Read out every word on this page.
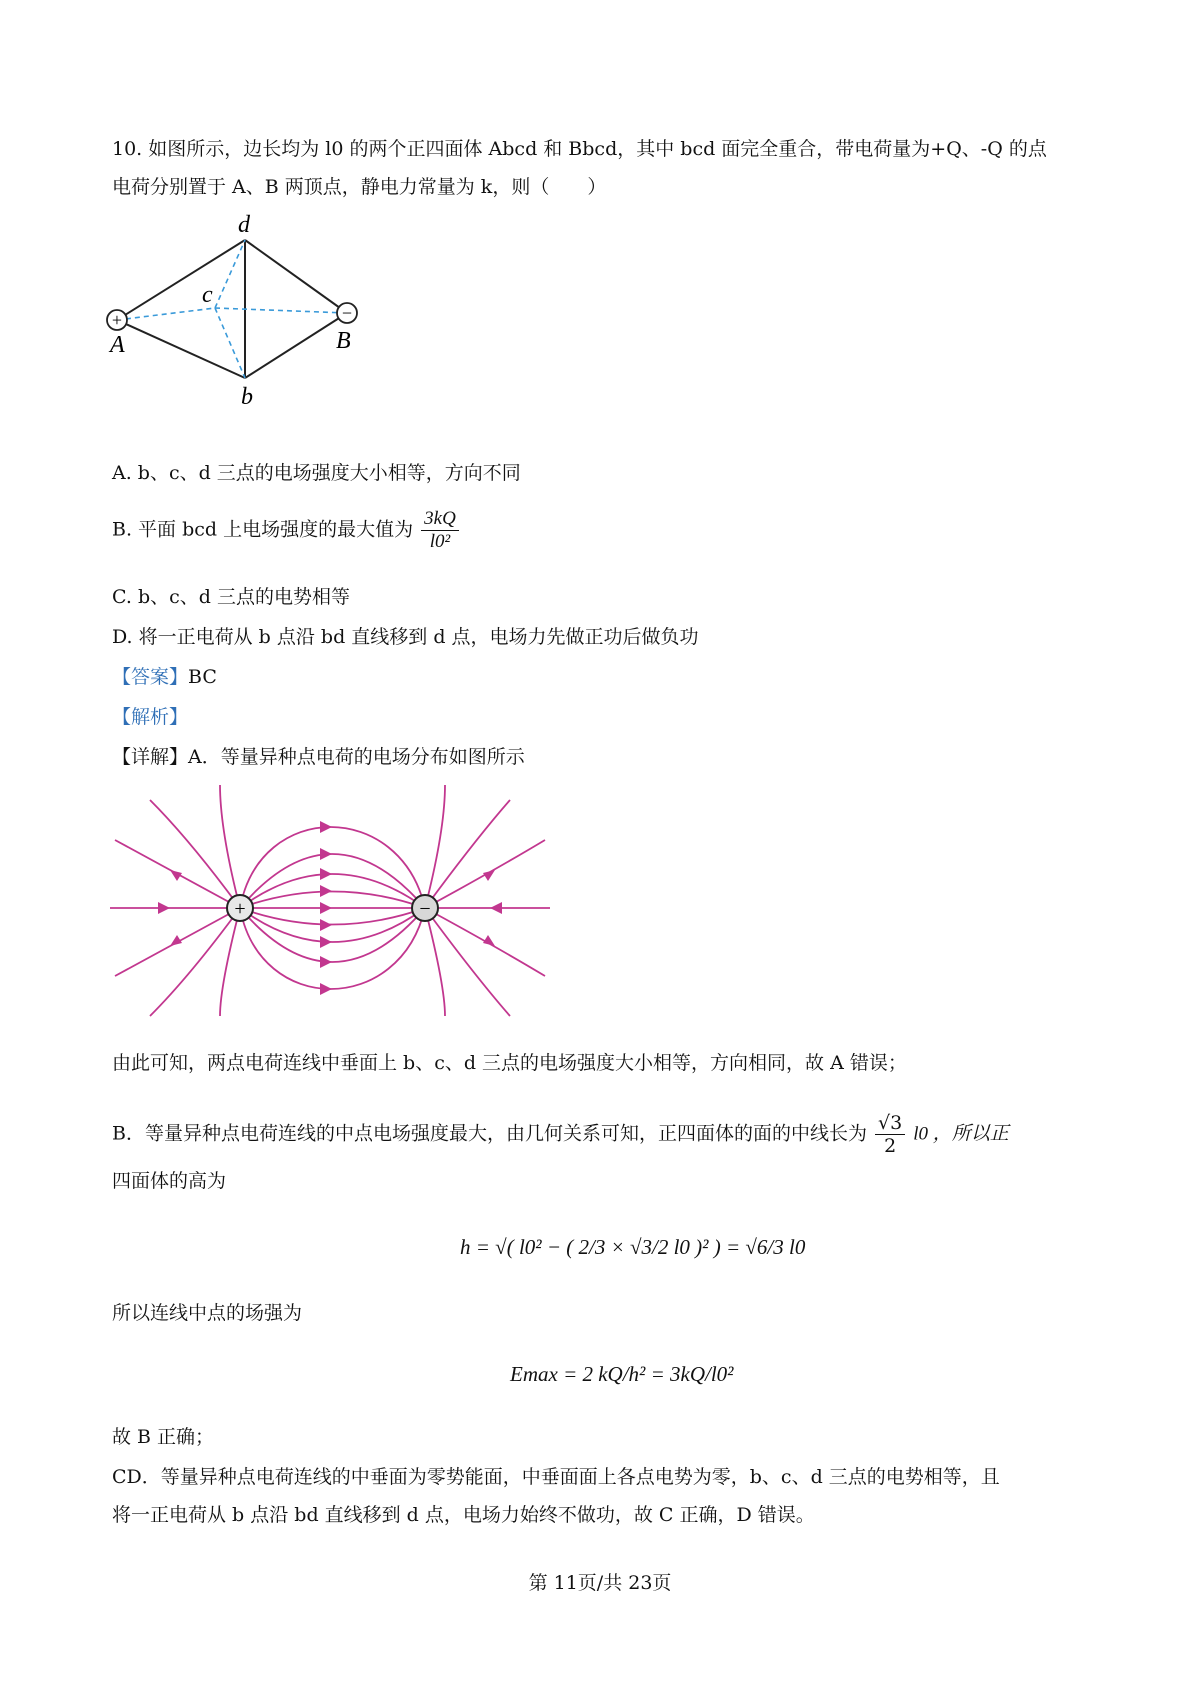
10. 如图所示，边长均为 l0 的两个正四面体 Abcd 和 Bbcd，其中 bcd 面完全重合，带电荷量为+Q、-Q 的点
电荷分别置于 A、B 两顶点，静电力常量为 k，则（　　）
+	−
d
c
b
A	B
A. b、c、d 三点的电场强度大小相等，方向不同
B. 平面 bcd 上电场强度的最大值为 $\frac{3kQ}{\text{l0²}}$
C. b、c、d 三点的电势相等
D. 将一正电荷从 b 点沿 bd 直线移到 d 点，电场力先做正功后做负功
【答案】BC
【解析】
【详解】A．等量异种点电荷的电场分布如图所示
+	−
由此可知，两点电荷连线中垂面上 b、c、d 三点的电场强度大小相等，方向相同，故 A 错误；
B．等量异种点电荷连线的中点电场强度最大，由几何关系可知，正四面体的面的中线长为 $\frac{√3}{2} l0$ ，所以正
四面体的高为
h = √( l0² − ( 2/3 × √3/2 l0 )² ) = √6/3 l0
所以连线中点的场强为
Emax = 2 kQ/h² = 3kQ/l0²
故 B 正确；
CD．等量异种点电荷连线的中垂面为零势能面，中垂面面上各点电势为零，b、c、d 三点的电势相等，且
将一正电荷从 b 点沿 bd 直线移到 d 点，电场力始终不做功，故 C 正确，D 错误。
第 11页/共 23页
